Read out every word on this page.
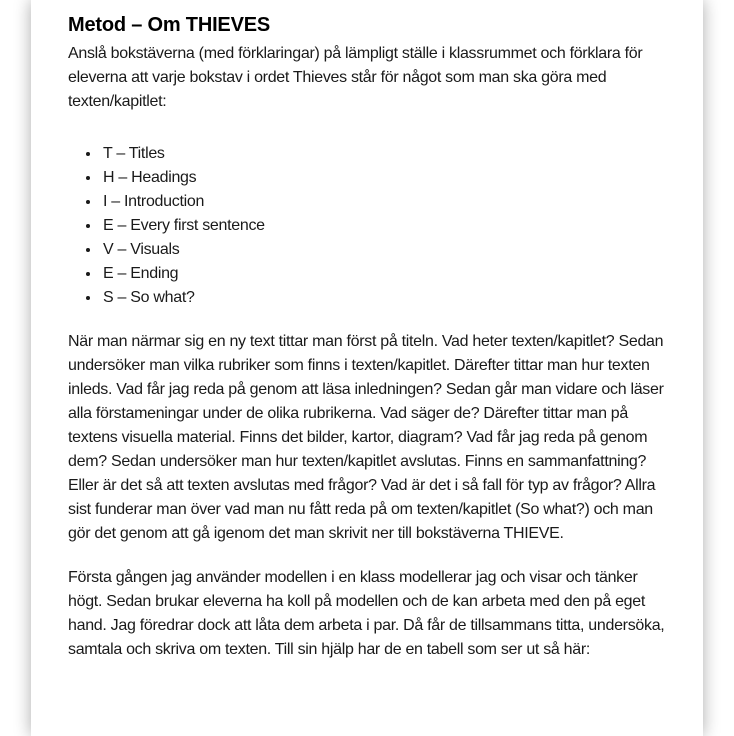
Metod – Om THIEVES

Anslå bokstäverna (med förklaringar) på lämpligt ställe i klassrummet och förklara för eleverna att varje bokstav i ordet Thieves står för något som man ska göra med texten/kapitlet:

• T – Titles
• H – Headings
• I – Introduction
• E – Every first sentence
• V – Visuals
• E – Ending
• S – So what?

När man närmar sig en ny text tittar man först på titeln. Vad heter texten/kapitlet? Sedan undersöker man vilka rubriker som finns i texten/kapitlet. Därefter tittar man hur texten inleds. Vad får jag reda på genom att läsa inledningen? Sedan går man vidare och läser alla förstameningar under de olika rubrikerna. Vad säger de? Därefter tittar man på textens visuella material. Finns det bilder, kartor, diagram? Vad får jag reda på genom dem? Sedan undersöker man hur texten/kapitlet avslutas. Finns en sammanfattning? Eller är det så att texten avslutas med frågor? Vad är det i så fall för typ av frågor? Allra sist funderar man över vad man nu fått reda på om texten/kapitlet (So what?) och man gör det genom att gå igenom det man skrivit ner till bokstäverna THIEVE.

Första gången jag använder modellen i en klass modellerar jag och visar och tänker högt. Sedan brukar eleverna ha koll på modellen och de kan arbeta med den på eget hand. Jag föredrar dock att låta dem arbeta i par. Då får de tillsammans titta, undersöka, samtala och skriva om texten. Till sin hjälp har de en tabell som ser ut så här:
